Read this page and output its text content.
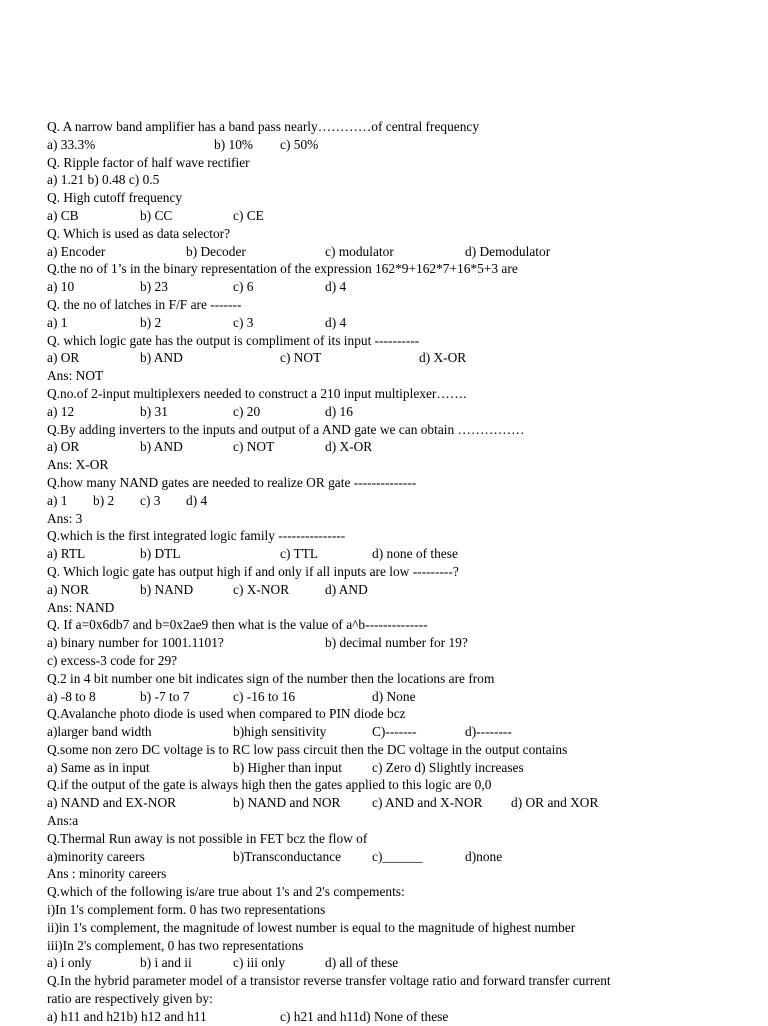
Q. A narrow band amplifier has a band pass nearly…………of central frequency
a) 33.3%	b) 10% c) 50%
Q. Ripple factor of half wave rectifier
a) 1.21 b) 0.48 c) 0.5
Q. High cutoff frequency
a) CB	b) CC	c) CE
Q. Which is used as data selector?
a) Encoder	b) Decoder	c) modulator	d) Demodulator
Q.the no of 1’s in the binary representation of the expression 162*9+162*7+16*5+3 are
a) 10	b) 23	c) 6	d) 4
Q. the no of latches in F/F are -------
a) 1	b) 2	c) 3	d) 4
Q. which logic gate has the output is compliment of its input ----------
a) OR	b) AND	c) NOT	d) X-OR
Ans: NOT
Q.no.of 2-input multiplexers needed to construct a 210 input multiplexer…….
a) 12	b) 31	c) 20	d) 16
Q.By adding inverters to the inputs and output of a AND gate we can obtain ……………
a) OR	b) AND	c) NOT	d) X-OR
Ans: X-OR
Q.how many NAND gates are needed to realize OR gate --------------
a) 1 b) 2 c) 3 d) 4
Ans: 3
Q.which is the first integrated logic family ---------------
a) RTL	b) DTL	c) TTL	d) none of these
Q. Which logic gate has output high if and only if all inputs are low ---------?
a) NOR	b) NAND	c) X-NOR	d) AND
Ans: NAND
Q. If a=0x6db7 and b=0x2ae9 then what is the value of a^b--------------
a) binary number for 1001.1101?	b) decimal number for 19?
c) excess-3 code for 29?
Q.2 in 4 bit number one bit indicates sign of the number then the locations are from
a) -8 to 8	b) -7 to 7	c) -16 to 16	d) None
Q.Avalanche photo diode is used when compared to PIN diode bcz
a)larger band width	b)high sensitivity	C)-------	d)--------
Q.some non zero DC voltage is to RC low pass circuit then the DC voltage in the output contains
a) Same as in input	b) Higher than input c) Zero d) Slightly increases
Q.if the output of the gate is always high then the gates applied to this logic are 0,0
a) NAND and EX-NOR	b) NAND and NOR c) AND and X-NOR d) OR and XOR
Ans:a
Q.Thermal Run away is not possible in FET bcz the flow of
a)minority careers	b)Transconductance c)______	d)none
Ans : minority careers
Q.which of the following is/are true about 1's and 2's compements:
i)In 1's complement form. 0 has two representations
ii)in 1's complement, the magnitude of lowest number is equal to the magnitude of highest number
iii)In 2's complement, 0 has two representations
a) i only	b) i and ii	c) iii only	d) all of these
Q.In the hybrid parameter model of a transistor reverse transfer voltage ratio and forward transfer current
ratio are respectively given by:
a) h11 and h21b) h12 and h11	c) h21 and h11d) None of these
